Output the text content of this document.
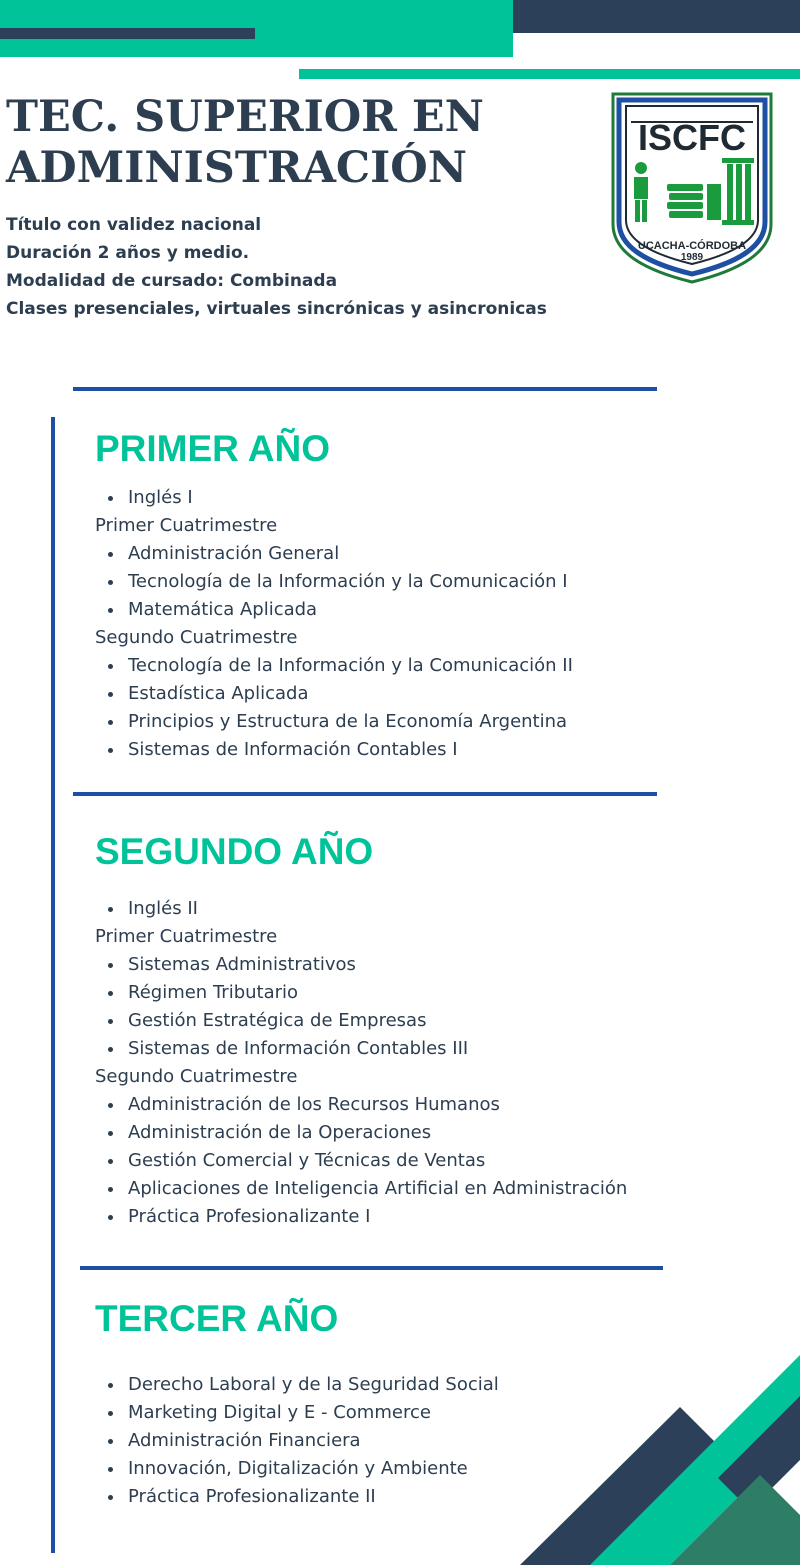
TEC. SUPERIOR EN
ADMINISTRACIÓN
Título con validez nacional
Duración 2 años y medio.
Modalidad de cursado: Combinada
Clases presenciales, virtuales sincrónicas y asincronicas
ISCFC
UCACHA-CÓRDOBA
1989
PRIMER AÑO
Inglés I
Primer Cuatrimestre
Administración General
Tecnología de la Información y la Comunicación I
Matemática Aplicada
Segundo Cuatrimestre
Tecnología de la Información y la Comunicación II
Estadística Aplicada
Principios y Estructura de la Economía Argentina
Sistemas de Información Contables I
SEGUNDO AÑO
Inglés II
Primer Cuatrimestre
Sistemas Administrativos
Régimen Tributario
Gestión Estratégica de Empresas
Sistemas de Información Contables III
Segundo Cuatrimestre
Administración de los Recursos Humanos
Administración de la Operaciones
Gestión Comercial y Técnicas de Ventas
Aplicaciones de Inteligencia Artificial en Administración
Práctica Profesionalizante I
TERCER AÑO
Derecho Laboral y de la Seguridad Social
Marketing Digital y E - Commerce
Administración Financiera
Innovación, Digitalización y Ambiente
Práctica Profesionalizante II
